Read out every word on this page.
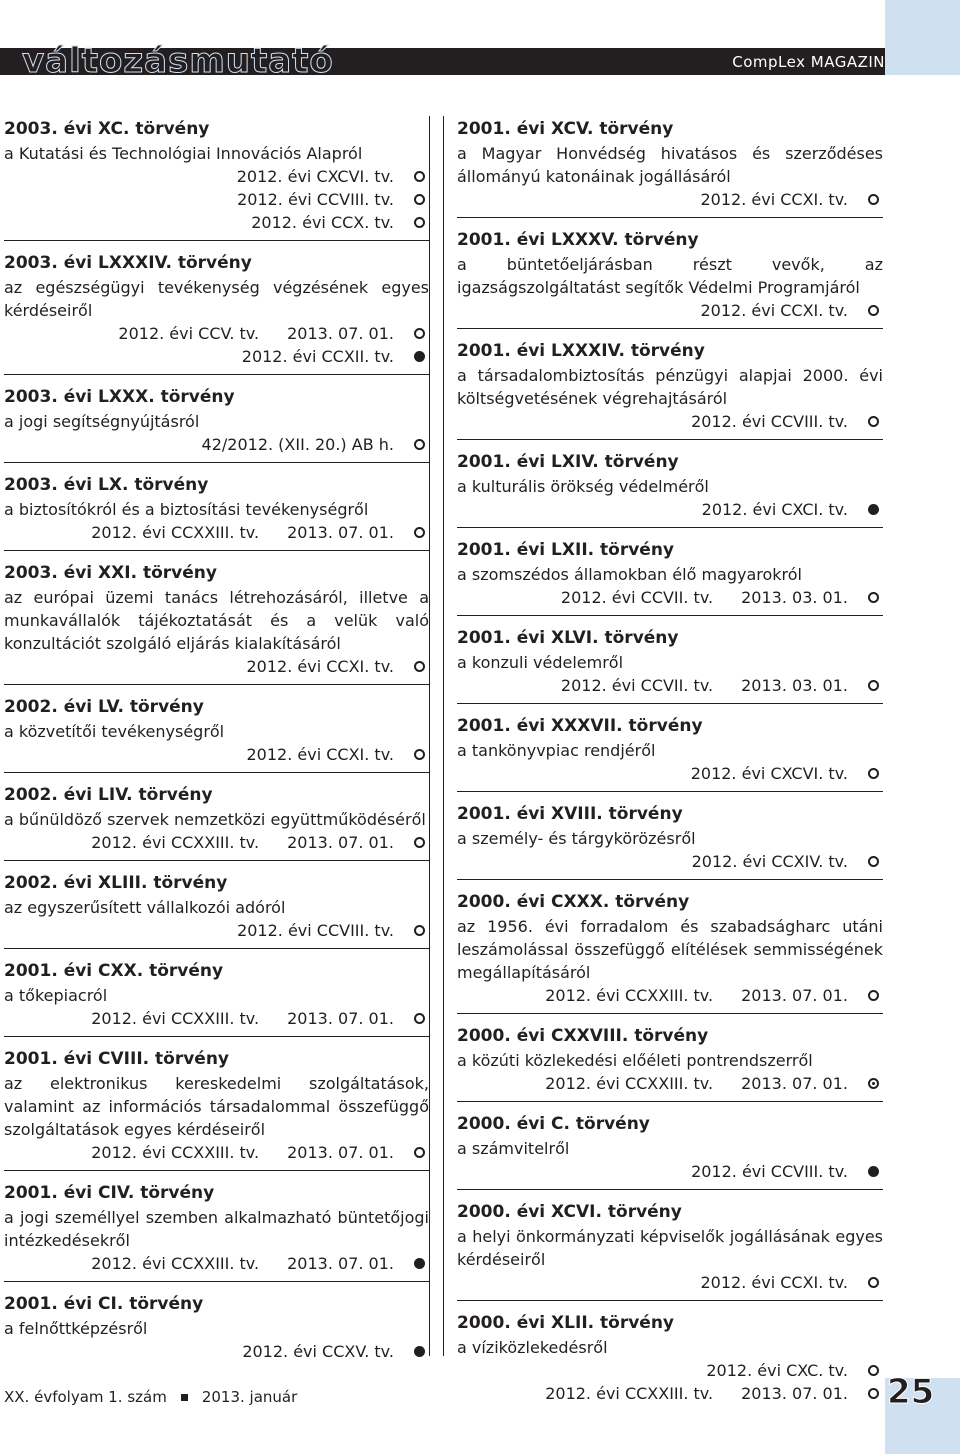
változásmutató	CompLex MAGAZIN
2003. évi XC. törvény
a Kutatási és Technológiai Innovációs Alapról
2012. évi CXCVI. tv.
2012. évi CCVIII. tv.
2012. évi CCX. tv.
2003. évi LXXXIV. törvény
az egészségügyi tevékenység végzésének egyes kérdéseiről
2012. évi CCV. tv. 2013. 07. 01.
2012. évi CCXII. tv.
2003. évi LXXX. törvény
a jogi segítségnyújtásról
42/2012. (XII. 20.) AB h.
2003. évi LX. törvény
a biztosítókról és a biztosítási tevékenységről
2012. évi CCXXIII. tv. 2013. 07. 01.
2003. évi XXI. törvény
az európai üzemi tanács létrehozásáról, illetve a munkavállalók tájékoztatását és a velük való konzultációt szolgáló eljárás kialakításáról
2012. évi CCXI. tv.
2002. évi LV. törvény
a közvetítői tevékenységről
2012. évi CCXI. tv.
2002. évi LIV. törvény
a bűnüldöző szervek nemzetközi együttműködéséről
2012. évi CCXXIII. tv. 2013. 07. 01.
2002. évi XLIII. törvény
az egyszerűsített vállalkozói adóról
2012. évi CCVIII. tv.
2001. évi CXX. törvény
a tőkepiacról
2012. évi CCXXIII. tv. 2013. 07. 01.
2001. évi CVIII. törvény
az elektronikus kereskedelmi szolgáltatások, valamint az információs társadalommal összefüggő szolgáltatások egyes kérdéseiről
2012. évi CCXXIII. tv. 2013. 07. 01.
2001. évi CIV. törvény
a jogi személlyel szemben alkalmazható büntetőjogi intézkedésekről
2012. évi CCXXIII. tv. 2013. 07. 01.
2001. évi CI. törvény
a felnőttképzésről
2012. évi CCXV. tv.
2001. évi XCV. törvény
a Magyar Honvédség hivatásos és szerződéses állományú katonáinak jogállásáról
2012. évi CCXI. tv.
2001. évi LXXXV. törvény
a büntetőeljárásban részt vevők, az igazságszolgáltatást segítők Védelmi Programjáról
2012. évi CCXI. tv.
2001. évi LXXXIV. törvény
a társadalombiztosítás pénzügyi alapjai 2000. évi költségvetésének végrehajtásáról
2012. évi CCVIII. tv.
2001. évi LXIV. törvény
a kulturális örökség védelméről
2012. évi CXCI. tv.
2001. évi LXII. törvény
a szomszédos államokban élő magyarokról
2012. évi CCVII. tv. 2013. 03. 01.
2001. évi XLVI. törvény
a konzuli védelemről
2012. évi CCVII. tv. 2013. 03. 01.
2001. évi XXXVII. törvény
a tankönyvpiac rendjéről
2012. évi CXCVI. tv.
2001. évi XVIII. törvény
a személy- és tárgykörözésről
2012. évi CCXIV. tv.
2000. évi CXXX. törvény
az 1956. évi forradalom és szabadságharc utáni leszámolással összefüggő elítélések semmisségének megállapításáról
2012. évi CCXXIII. tv. 2013. 07. 01.
2000. évi CXXVIII. törvény
a közúti közlekedési előéleti pontrendszerről
2012. évi CCXXIII. tv. 2013. 07. 01.
2000. évi C. törvény
a számvitelről
2012. évi CCVIII. tv.
2000. évi XCVI. törvény
a helyi önkormányzati képviselők jogállásának egyes kérdéseiről
2012. évi CCXI. tv.
2000. évi XLII. törvény
a víziközlekedésről
2012. évi CXC. tv.
2012. évi CCXXIII. tv. 2013. 07. 01.
XX. évfolyam 1. szám 2013. január	25
